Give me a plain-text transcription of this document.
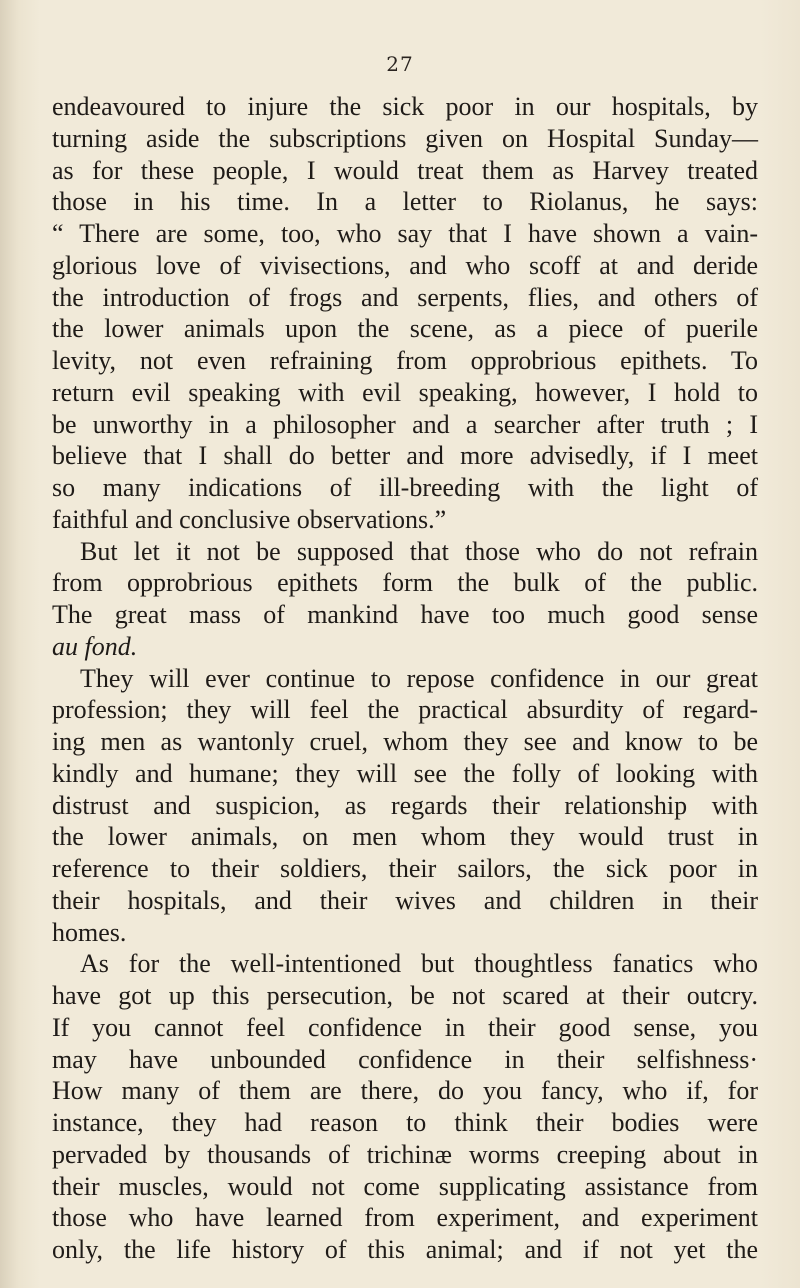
27
endeavoured to injure the sick poor in our hospitals, by
turning aside the subscriptions given on Hospital Sunday—
as for these people, I would treat them as Harvey treated
those in his time. In a letter to Riolanus, he says:
“ There are some, too, who say that I have shown a vain-
glorious love of vivisections, and who scoff at and deride
the introduction of frogs and serpents, flies, and others of
the lower animals upon the scene, as a piece of puerile
levity, not even refraining from opprobrious epithets. To
return evil speaking with evil speaking, however, I hold to
be unworthy in a philosopher and a searcher after truth ; I
believe that I shall do better and more advisedly, if I meet
so many indications of ill-breeding with the light of
faithful and conclusive observations.”
But let it not be supposed that those who do not refrain
from opprobrious epithets form the bulk of the public.
The great mass of mankind have too much good sense
au fond.
They will ever continue to repose confidence in our great
profession; they will feel the practical absurdity of regard-
ing men as wantonly cruel, whom they see and know to be
kindly and humane; they will see the folly of looking with
distrust and suspicion, as regards their relationship with
the lower animals, on men whom they would trust in
reference to their soldiers, their sailors, the sick poor in
their hospitals, and their wives and children in their
homes.
As for the well-intentioned but thoughtless fanatics who
have got up this persecution, be not scared at their outcry.
If you cannot feel confidence in their good sense, you
may have unbounded confidence in their selfishness·
How many of them are there, do you fancy, who if, for
instance, they had reason to think their bodies were
pervaded by thousands of trichinæ worms creeping about in
their muscles, would not come supplicating assistance from
those who have learned from experiment, and experiment
only, the life history of this animal; and if not yet the
